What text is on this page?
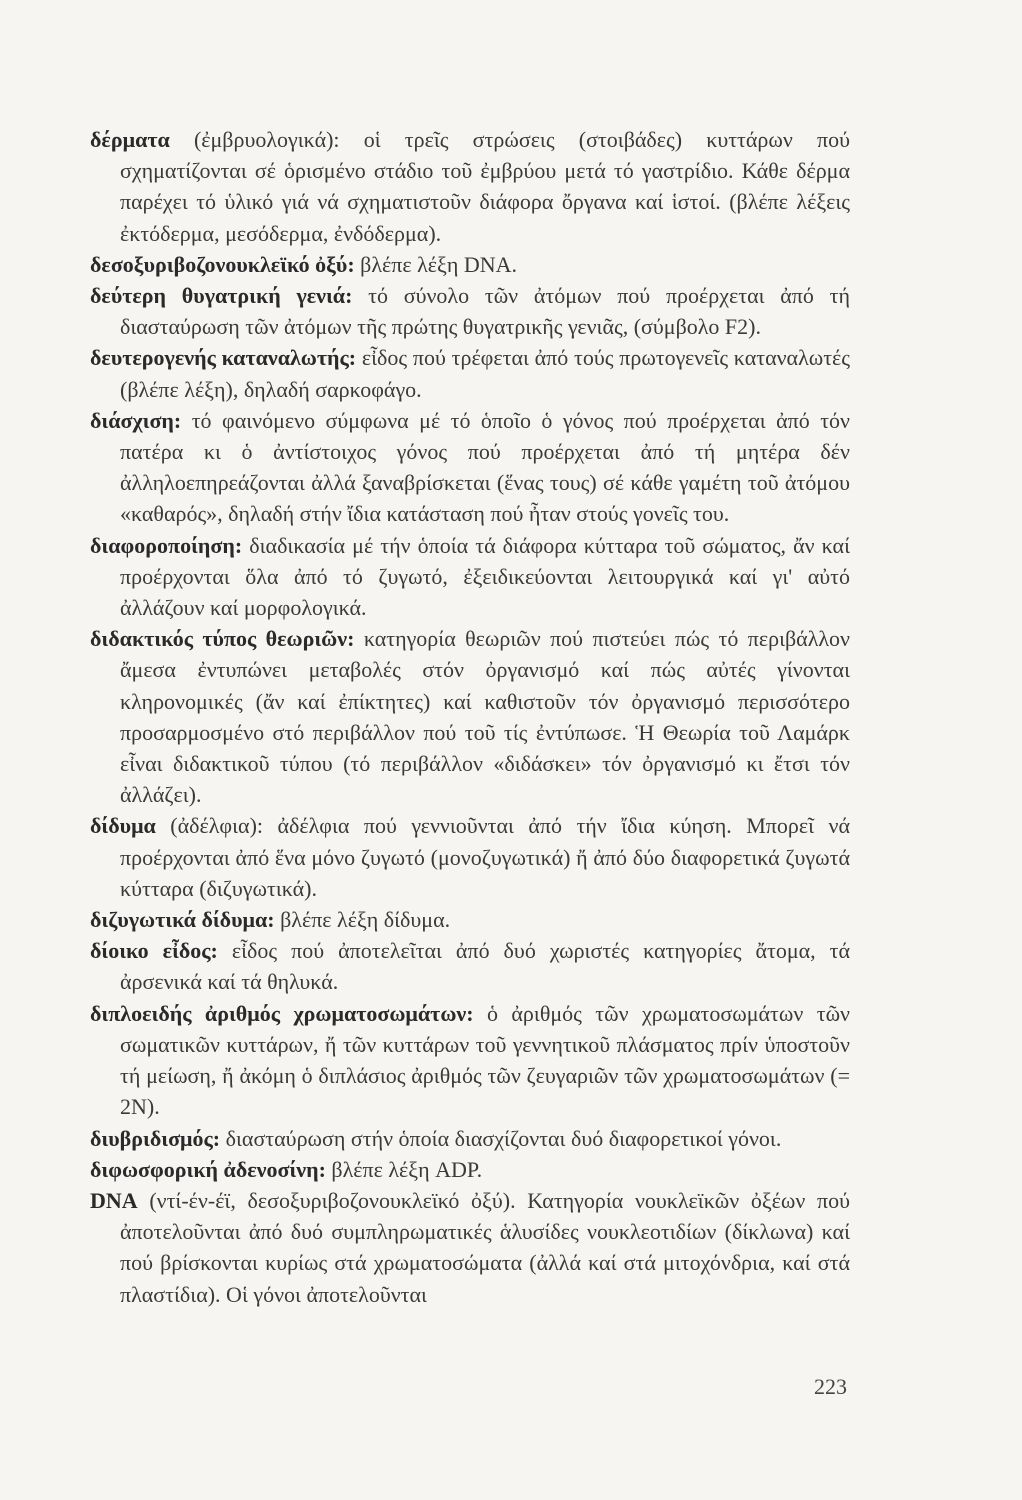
δέρματα (ἐμβρυολογικά): οἱ τρεῖς στρώσεις (στοιβάδες) κυττάρων πού σχηματίζονται σέ ὁρισμένο στάδιο τοῦ ἐμβρύου μετά τό γαστρίδιο. Κάθε δέρμα παρέχει τό ὑλικό γιά νά σχηματιστοῦν διάφορα ὄργανα καί ἱστοί. (βλέπε λέξεις ἐκτόδερμα, μεσόδερμα, ἐνδόδερμα).

δεσοξυριβοζονουκλεϊκό ὀξύ: βλέπε λέξη DNA.

δεύτερη θυγατρική γενιά: τό σύνολο τῶν ἀτόμων πού προέρχεται ἀπό τή διασταύρωση τῶν ἀτόμων τῆς πρώτης θυγατρικῆς γενιᾶς, (σύμβολο F2).

δευτερογενής καταναλωτής: εἶδος πού τρέφεται ἀπό τούς πρωτογενεῖς καταναλωτές (βλέπε λέξη), δηλαδή σαρκοφάγο.

διάσχιση: τό φαινόμενο σύμφωνα μέ τό ὁποῖο ὁ γόνος πού προέρχεται ἀπό τόν πατέρα κι ὁ ἀντίστοιχος γόνος πού προέρχεται ἀπό τή μητέρα δέν ἀλληλοεπηρεάζονται ἀλλά ξαναβρίσκεται (ἕνας τους) σέ κάθε γαμέτη τοῦ ἀτόμου «καθαρός», δηλαδή στήν ἴδια κατάσταση πού ἦταν στούς γονεῖς του.

διαφοροποίηση: διαδικασία μέ τήν ὁποία τά διάφορα κύτταρα τοῦ σώματος, ἄν καί προέρχονται ὅλα ἀπό τό ζυγωτό, ἐξειδικεύονται λειτουργικά καί γι' αὐτό ἀλλάζουν καί μορφολογικά.

διδακτικός τύπος θεωριῶν: κατηγορία θεωριῶν πού πιστεύει πώς τό περιβάλλον ἄμεσα ἐντυπώνει μεταβολές στόν ὀργανισμό καί πώς αὐτές γίνονται κληρονομικές (ἄν καί ἐπίκτητες) καί καθιστοῦν τόν ὀργανισμό περισσότερο προσαρμοσμένο στό περιβάλλον πού τοῦ τίς ἐντύπωσε. Ἡ Θεωρία τοῦ Λαμάρκ εἶναι διδακτικοῦ τύπου (τό περιβάλλον «διδάσκει» τόν ὀργανισμό κι ἔτσι τόν ἀλλάζει).

δίδυμα (ἀδέλφια): ἀδέλφια πού γεννιοῦνται ἀπό τήν ἴδια κύηση. Μπορεῖ νά προέρχονται ἀπό ἕνα μόνο ζυγωτό (μονοζυγωτικά) ἤ ἀπό δύο διαφορετικά ζυγωτά κύτταρα (διζυγωτικά).

διζυγωτικά δίδυμα: βλέπε λέξη δίδυμα.

δίοικο εἶδος: εἶδος πού ἀποτελεῖται ἀπό δυό χωριστές κατηγορίες ἄτομα, τά ἀρσενικά καί τά θηλυκά.

διπλοειδής ἀριθμός χρωματοσωμάτων: ὁ ἀριθμός τῶν χρωματοσωμάτων τῶν σωματικῶν κυττάρων, ἤ τῶν κυττάρων τοῦ γεννητικοῦ πλάσματος πρίν ὑποστοῦν τή μείωση, ἤ ἀκόμη ὁ διπλάσιος ἀριθμός τῶν ζευγαριῶν τῶν χρωματοσωμάτων (= 2N).

διυβριδισμός: διασταύρωση στήν ὁποία διασχίζονται δυό διαφορετικοί γόνοι.

διφωσφορική ἀδενοσίνη: βλέπε λέξη ADP.

DNA (ντί-έν-έϊ, δεσοξυριβοζονουκλεϊκό ὀξύ). Κατηγορία νουκλεϊκῶν ὀξέων πού ἀποτελοῦνται ἀπό δυό συμπληρωματικές ἁλυσίδες νουκλεοτιδίων (δίκλωνα) καί πού βρίσκονται κυρίως στά χρωματοσώματα (ἀλλά καί στά μιτοχόνδρια, καί στά πλαστίδια). Οἱ γόνοι ἀποτελοῦνται

223
